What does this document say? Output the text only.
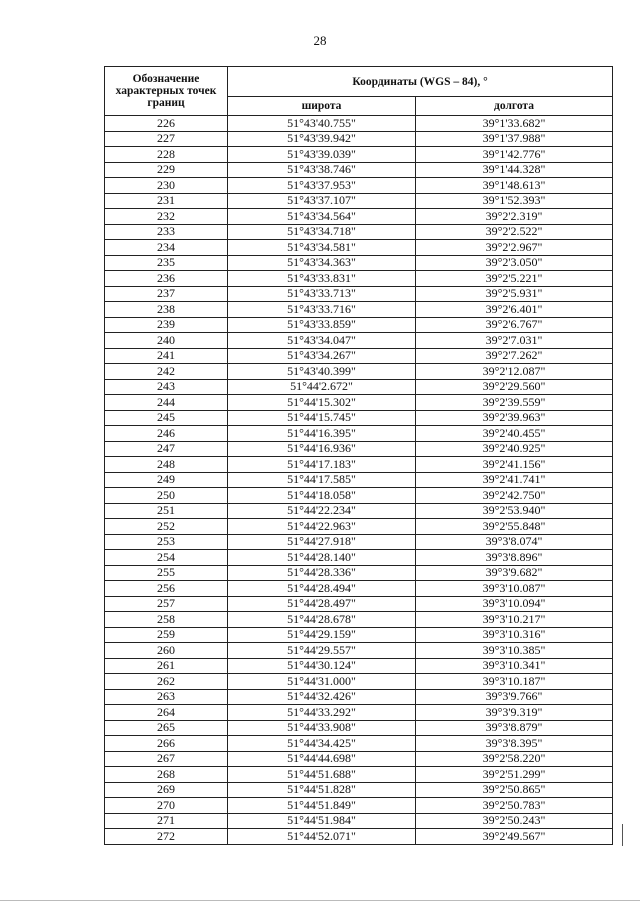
28
Обозначение характерных точек границ	Координаты (WGS – 84), °	
	широта	долгота
226	51°43'40.755"	39°1'33.682"
227	51°43'39.942"	39°1'37.988"
228	51°43'39.039"	39°1'42.776"
229	51°43'38.746"	39°1'44.328"
230	51°43'37.953"	39°1'48.613"
231	51°43'37.107"	39°1'52.393"
232	51°43'34.564"	39°2'2.319"
233	51°43'34.718"	39°2'2.522"
234	51°43'34.581"	39°2'2.967"
235	51°43'34.363"	39°2'3.050"
236	51°43'33.831"	39°2'5.221"
237	51°43'33.713"	39°2'5.931"
238	51°43'33.716"	39°2'6.401"
239	51°43'33.859"	39°2'6.767"
240	51°43'34.047"	39°2'7.031"
241	51°43'34.267"	39°2'7.262"
242	51°43'40.399"	39°2'12.087"
243	51°44'2.672"	39°2'29.560"
244	51°44'15.302"	39°2'39.559"
245	51°44'15.745"	39°2'39.963"
246	51°44'16.395"	39°2'40.455"
247	51°44'16.936"	39°2'40.925"
248	51°44'17.183"	39°2'41.156"
249	51°44'17.585"	39°2'41.741"
250	51°44'18.058"	39°2'42.750"
251	51°44'22.234"	39°2'53.940"
252	51°44'22.963"	39°2'55.848"
253	51°44'27.918"	39°3'8.074"
254	51°44'28.140"	39°3'8.896"
255	51°44'28.336"	39°3'9.682"
256	51°44'28.494"	39°3'10.087"
257	51°44'28.497"	39°3'10.094"
258	51°44'28.678"	39°3'10.217"
259	51°44'29.159"	39°3'10.316"
260	51°44'29.557"	39°3'10.385"
261	51°44'30.124"	39°3'10.341"
262	51°44'31.000"	39°3'10.187"
263	51°44'32.426"	39°3'9.766"
264	51°44'33.292"	39°3'9.319"
265	51°44'33.908"	39°3'8.879"
266	51°44'34.425"	39°3'8.395"
267	51°44'44.698"	39°2'58.220"
268	51°44'51.688"	39°2'51.299"
269	51°44'51.828"	39°2'50.865"
270	51°44'51.849"	39°2'50.783"
271	51°44'51.984"	39°2'50.243"
272	51°44'52.071"	39°2'49.567"
